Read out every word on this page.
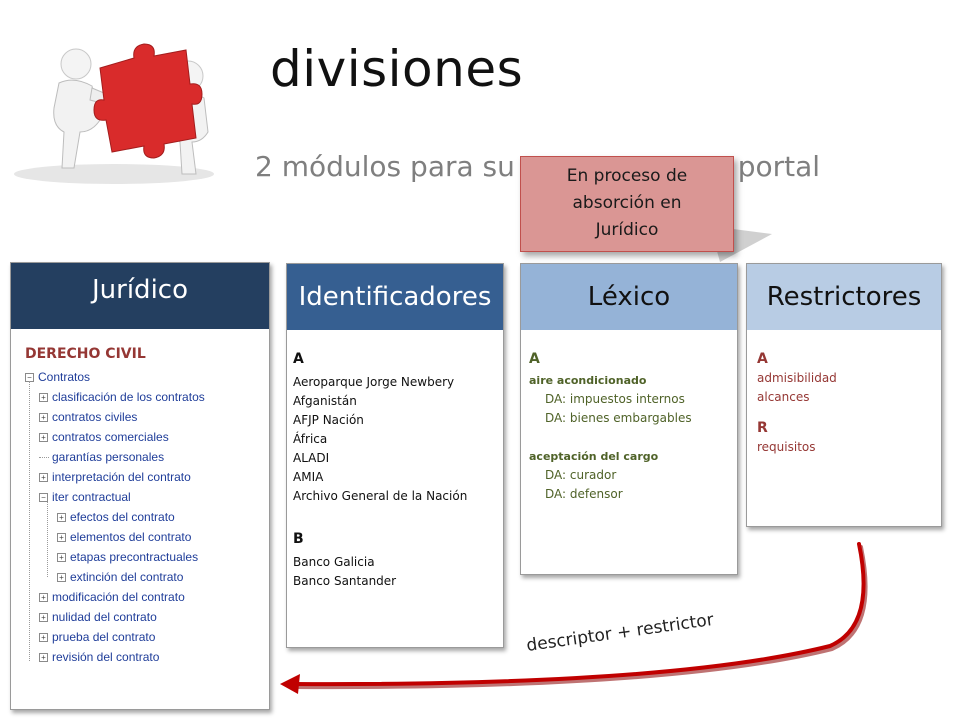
divisiones
2 módulos para su	portal
En proceso de
absorción en
Jurídico
Jurídico
DERECHO CIVIL
− Contratos
+ clasificación de los contratos
+ contratos civiles
+ contratos comerciales
garantías personales
+ interpretación del contrato
− iter contractual
+ efectos del contrato
+ elementos del contrato
+ etapas precontractuales
+ extinción del contrato
+ modificación del contrato
+ nulidad del contrato
+ prueba del contrato
+ revisión del contrato
Identificadores
A
Aeroparque Jorge Newbery
Afganistán
AFJP Nación
África
ALADI
AMIA
Archivo General de la Nación
B
Banco Galicia
Banco Santander
Léxico
A
aire acondicionado
DA: impuestos internos
DA: bienes embargables
aceptación del cargo
DA: curador
DA: defensor
Restrictores
A
admisibilidad
alcances
R
requisitos
descriptor + restrictor
